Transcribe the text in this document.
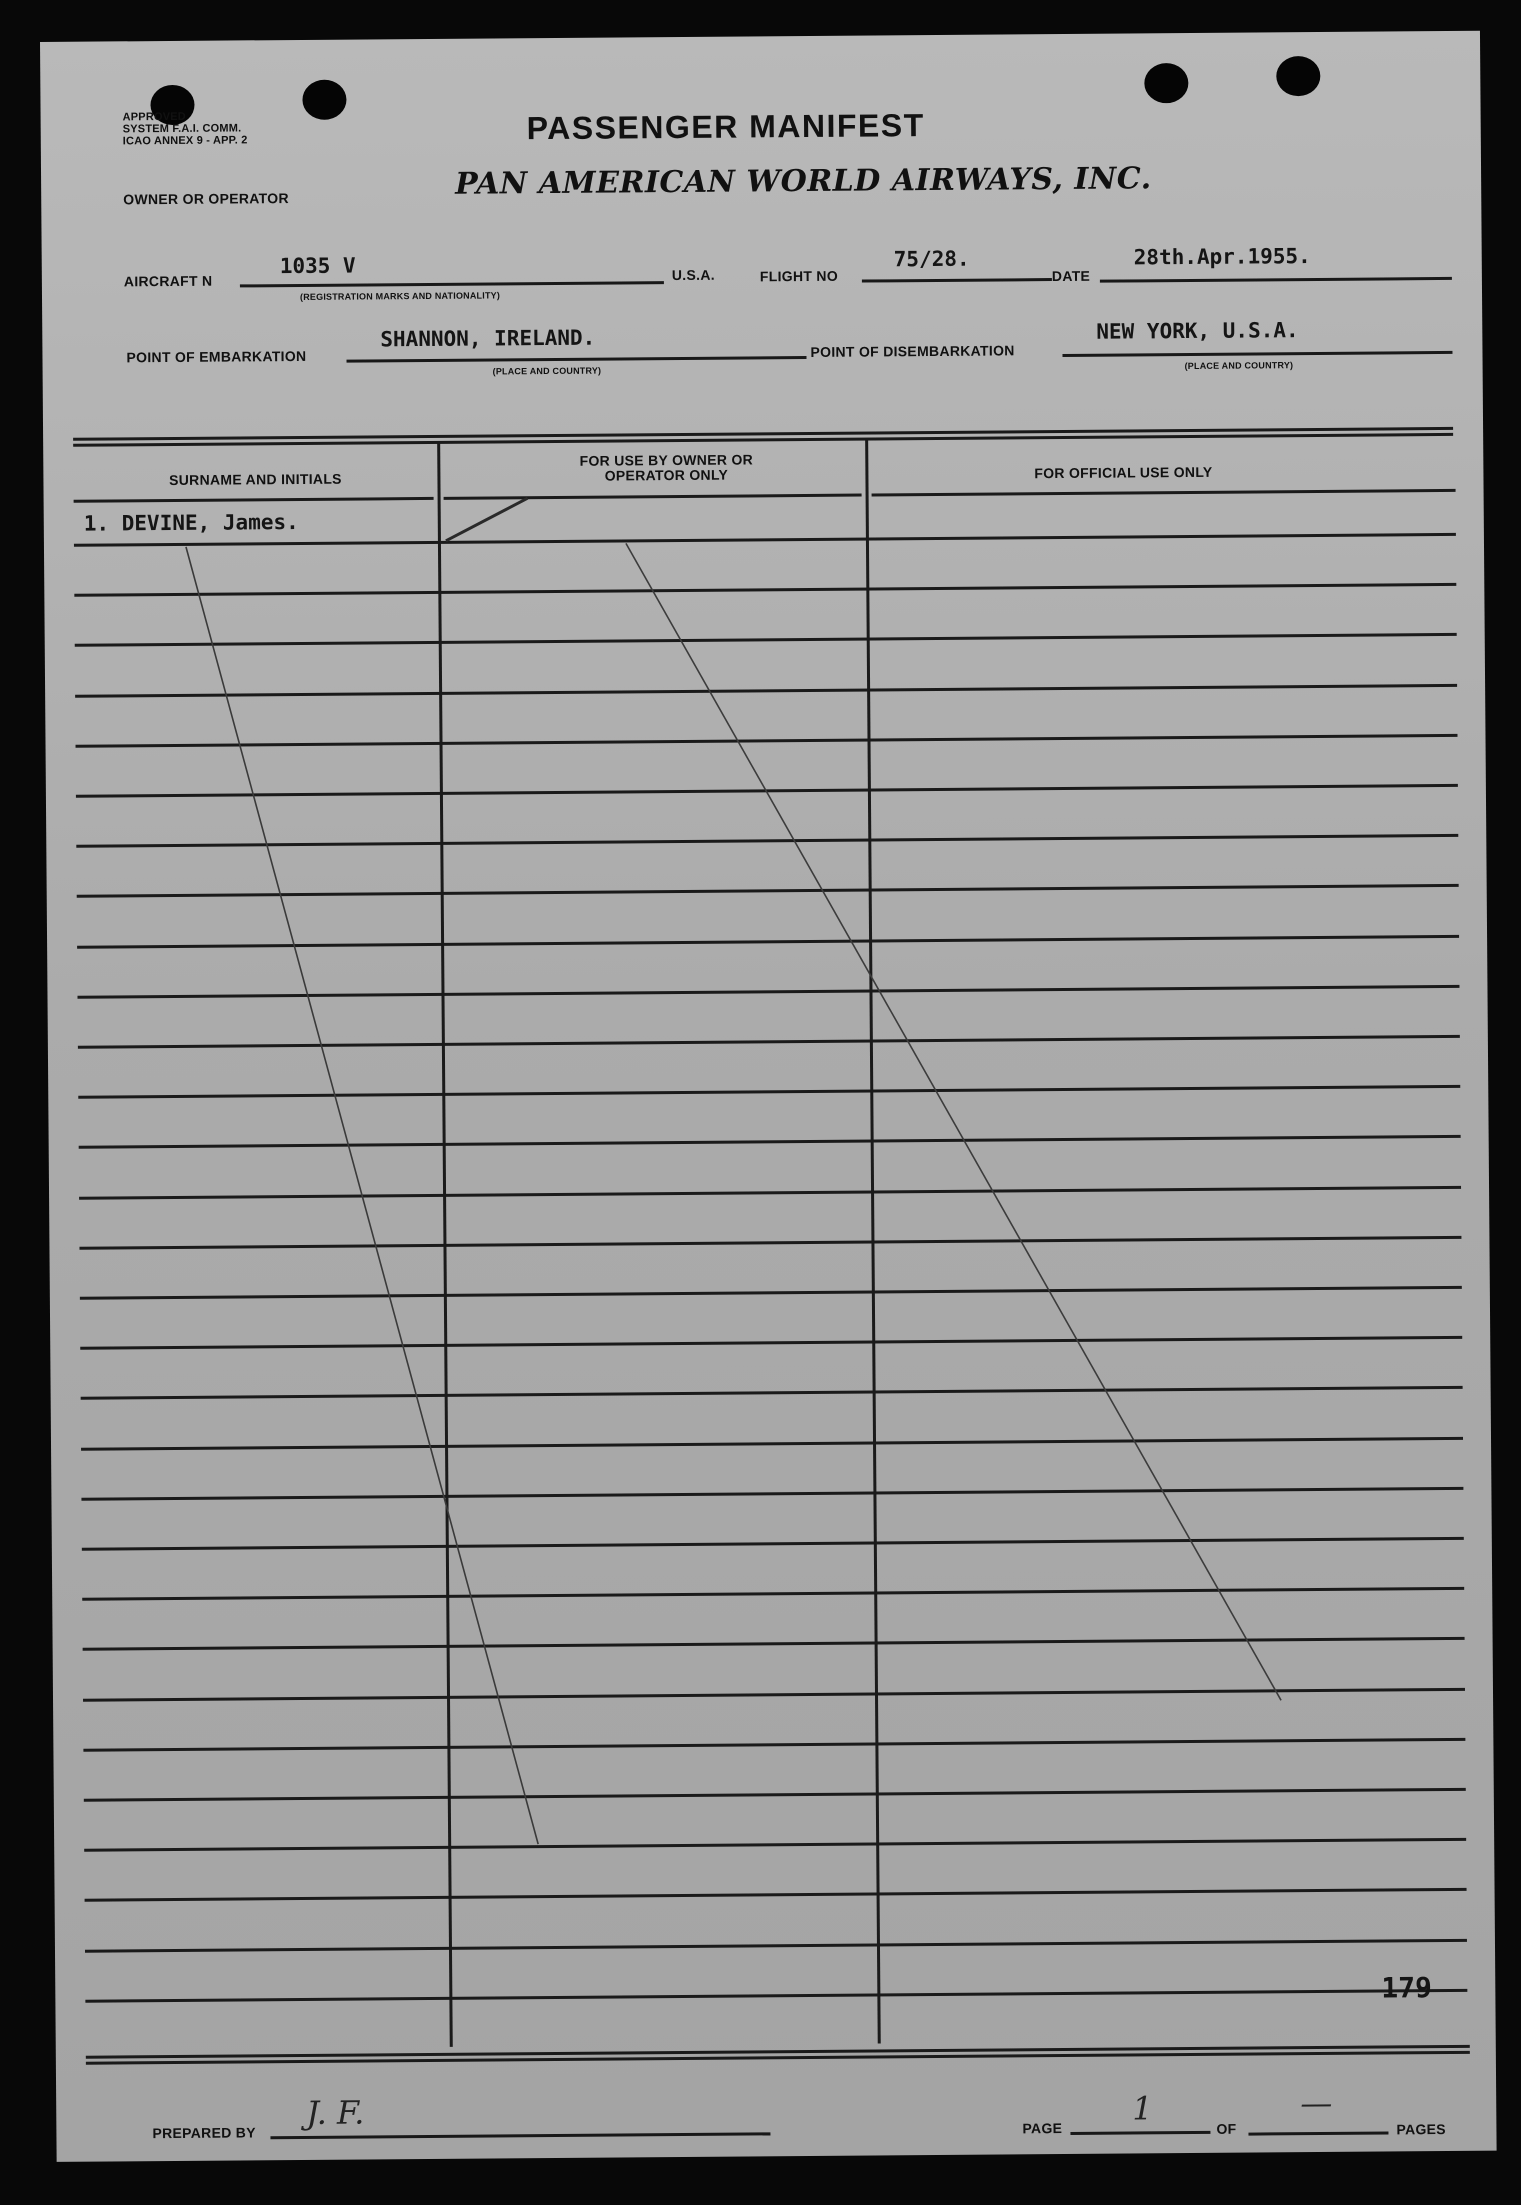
APPROVED
SYSTEM F.A.I. COMM.
ICAO ANNEX 9 - APP. 2	PASSENGER MANIFEST
OWNER OR OPERATOR	PAN AMERICAN WORLD AIRWAYS, INC.
AIRCRAFT N
1035 V
(REGISTRATION MARKS AND NATIONALITY)
U.S.A.	FLIGHT NO
75/28.
DATE
28th.Apr.1955.
POINT OF EMBARKATION
SHANNON, IRELAND.
(PLACE AND COUNTRY)
POINT OF DISEMBARKATION
NEW YORK, U.S.A.
(PLACE AND COUNTRY)
SURNAME AND INITIALS
FOR USE BY OWNER OR OPERATOR ONLY	FOR OFFICIAL USE ONLY
1. DEVINE, James.
179
PREPARED BY
J. F.	PAGE
1
OF
—
PAGES
